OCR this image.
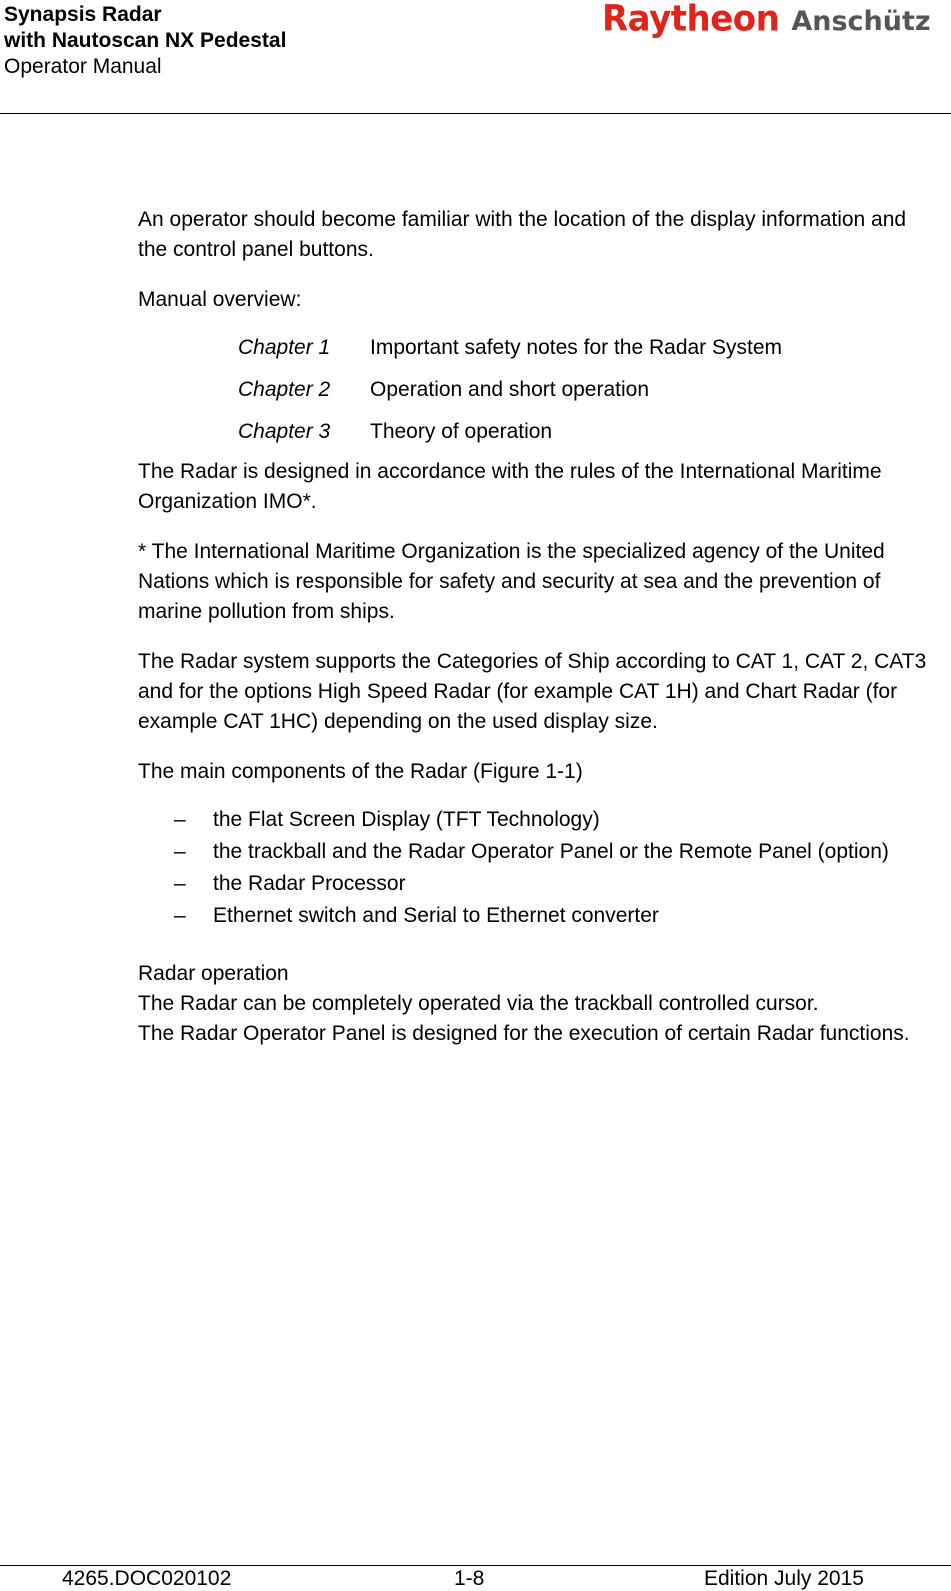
Synapsis Radar
with Nautoscan NX Pedestal
Operator Manual
Raytheon Anschütz

An operator should become familiar with the location of the display information and the control panel buttons.

Manual overview:

Chapter 1	Important safety notes for the Radar System
Chapter 2	Operation and short operation
Chapter 3	Theory of operation

The Radar is designed in accordance with the rules of the International Maritime Organization IMO*.

* The International Maritime Organization is the specialized agency of the United Nations which is responsible for safety and security at sea and the prevention of marine pollution from ships.

The Radar system supports the Categories of Ship according to CAT 1, CAT 2, CAT3 and for the options High Speed Radar (for example CAT 1H) and Chart Radar (for example CAT 1HC) depending on the used display size.

The main components of the Radar (Figure 1-1)

– the Flat Screen Display (TFT Technology)
– the trackball and the Radar Operator Panel or the Remote Panel (option)
– the Radar Processor
– Ethernet switch and Serial to Ethernet converter
Radar operation
The Radar can be completely operated via the trackball controlled cursor.
The Radar Operator Panel is designed for the execution of certain Radar functions.
4265.DOC020102	1-8	Edition July 2015
